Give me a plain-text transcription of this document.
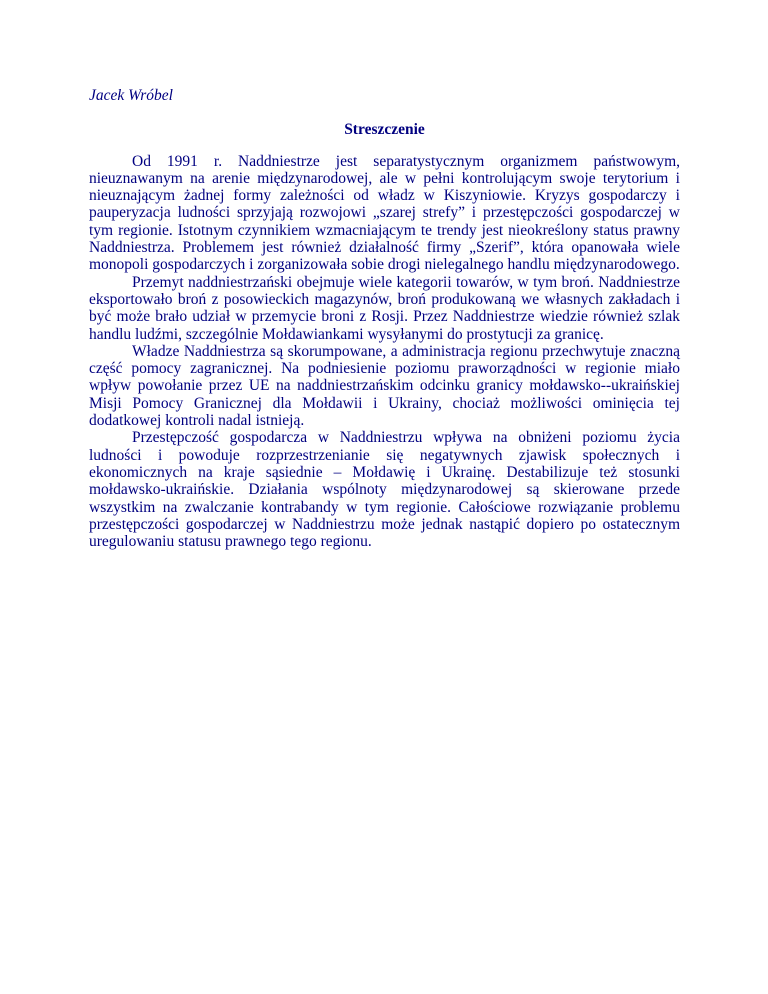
Jacek Wróbel

Streszczenie

Od 1991 r. Naddniestrze jest separatystycznym organizmem państwowym, nieuznawanym na arenie międzynarodowej, ale w pełni kontrolującym swoje terytorium i nieuznającym żadnej formy zależności od władz w Kiszyniowie. Kryzys gospodarczy i pauperyzacja ludności sprzyjają rozwojowi „szarej strefy” i przestępczości gospodarczej w tym regionie. Istotnym czynnikiem wzmacniającym te trendy jest nieokreślony status prawny Naddniestrza. Problemem jest również działalność firmy „Szerif”, która opanowała wiele monopoli gospodarczych i zorganizowała sobie drogi nielegalnego handlu międzynarodowego.

Przemyt naddniestrzański obejmuje wiele kategorii towarów, w tym broń. Naddniestrze eksportowało broń z posowieckich magazynów, broń produkowaną we własnych zakładach i być może brało udział w przemycie broni z Rosji. Przez Naddniestrze wiedzie również szlak handlu ludźmi, szczególnie Mołdawiankami wysyłanymi do prostytucji za granicę.

Władze Naddniestrza są skorumpowane, a administracja regionu przechwytuje znaczną część pomocy zagranicznej. Na podniesienie poziomu praworządności w regionie miało wpływ powołanie przez UE na naddniestrzańskim odcinku granicy mołdawsko--ukraińskiej Misji Pomocy Granicznej dla Mołdawii i Ukrainy, chociaż możliwości ominięcia tej dodatkowej kontroli nadal istnieją.

Przestępczość gospodarcza w Naddniestrzu wpływa na obniżeni poziomu życia ludności i powoduje rozprzestrzenianie się negatywnych zjawisk społecznych i ekonomicznych na kraje sąsiednie – Mołdawię i Ukrainę. Destabilizuje też stosunki mołdawsko-ukraińskie. Działania wspólnoty międzynarodowej są skierowane przede wszystkim na zwalczanie kontrabandy w tym regionie. Całościowe rozwiązanie problemu przestępczości gospodarczej w Naddniestrzu może jednak nastąpić dopiero po ostatecznym uregulowaniu statusu prawnego tego regionu.
